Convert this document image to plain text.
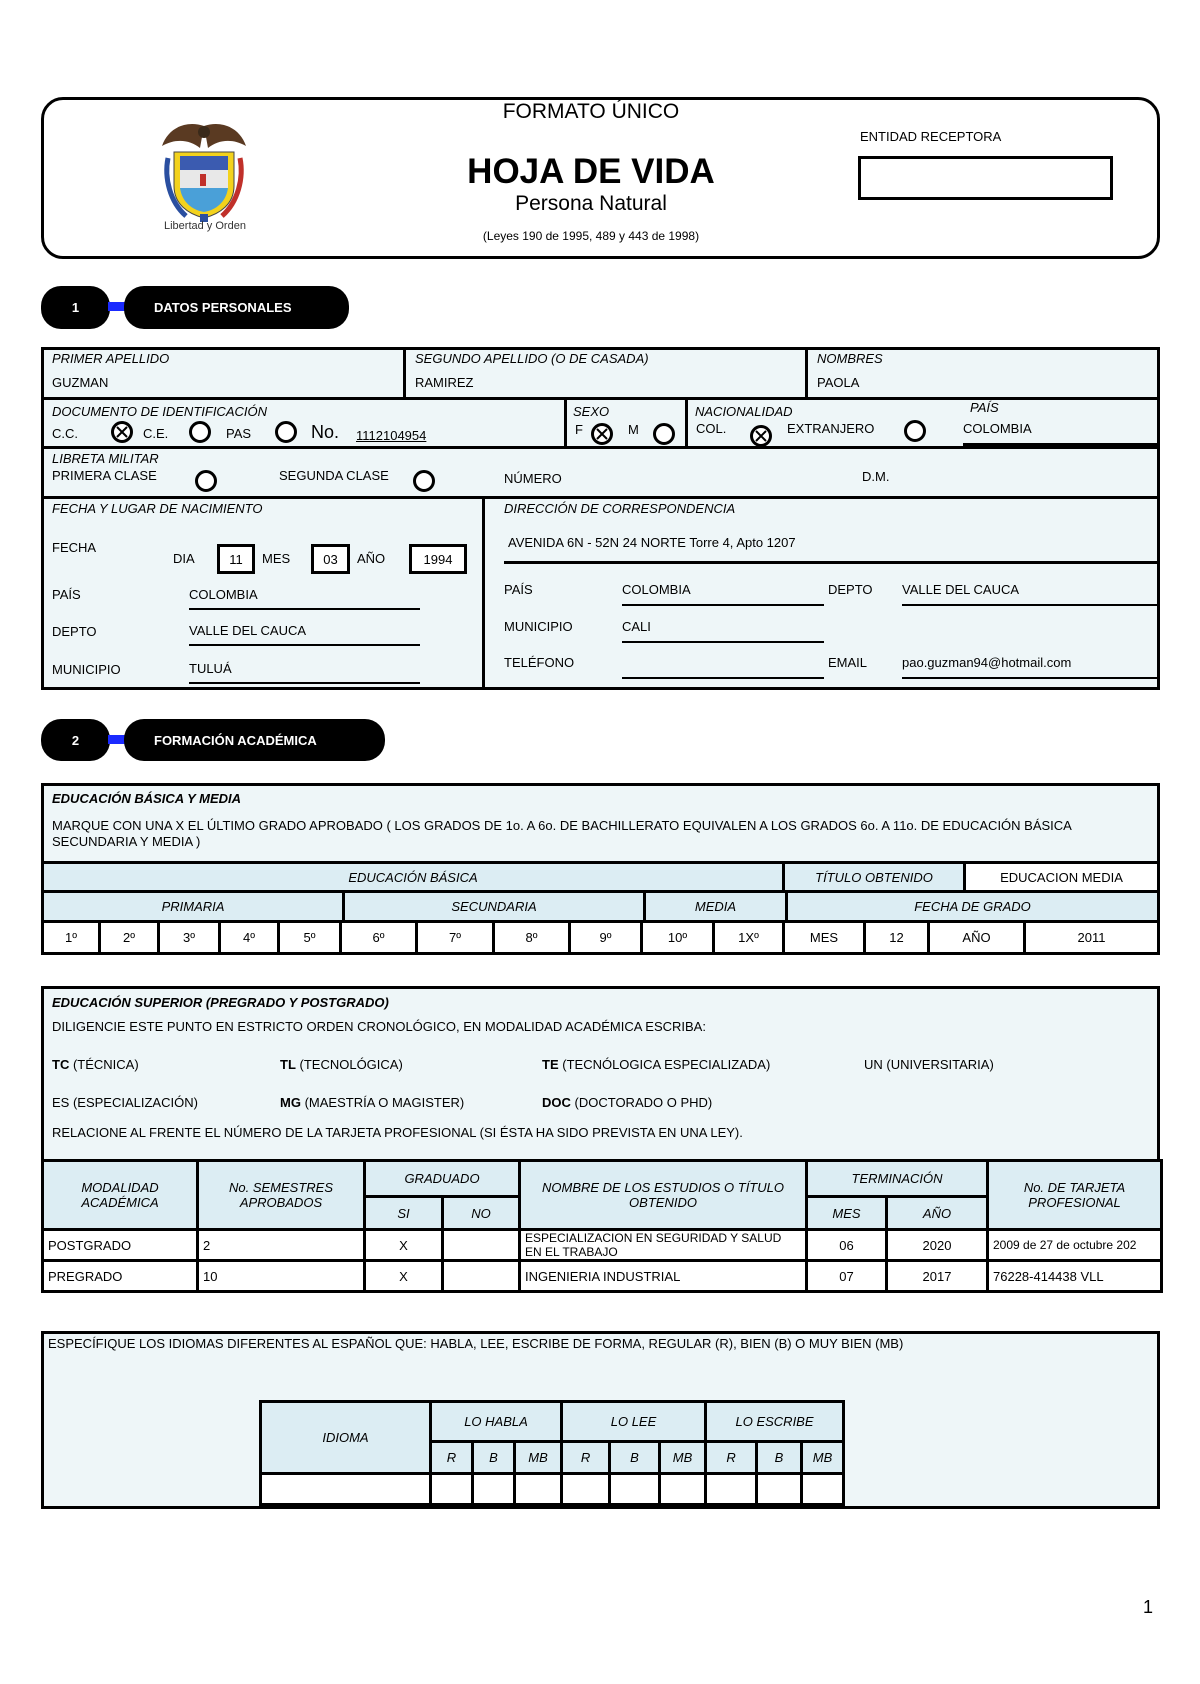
Libertad y Orden
FORMATO ÚNICO
HOJA DE VIDA
Persona Natural
(Leyes 190 de 1995, 489 y 443 de 1998)
ENTIDAD RECEPTORA
1	DATOS PERSONALES
PRIMER APELLIDO
GUZMAN
SEGUNDO APELLIDO (O DE CASADA)
RAMIREZ
NOMBRES
PAOLA
DOCUMENTO DE IDENTIFICACIÓN
C.C.	C.E.	PAS	No. 1112104954
SEXO
F	M
NACIONALIDAD
COL.	EXTRANJERO
PAÍS
COLOMBIA
LIBRETA MILITAR
PRIMERA CLASE	SEGUNDA CLASE	NÚMERO	D.M.
FECHA Y LUGAR DE NACIMIENTO
FECHA
DIA	11	MES	03	AÑO	1994
PAÍS	COLOMBIA
DEPTO	VALLE DEL CAUCA
MUNICIPIO	TULUÁ
DIRECCIÓN DE CORRESPONDENCIA
AVENIDA 6N - 52N 24 NORTE Torre 4, Apto 1207
PAÍS	COLOMBIA	DEPTO VALLE DEL CAUCA
MUNICIPIO	CALI
TELÉFONO	EMAIL	pao.guzman94@hotmail.com
2	FORMACIÓN ACADÉMICA
EDUCACIÓN BÁSICA Y MEDIA
MARQUE CON UNA X EL ÚLTIMO GRADO APROBADO ( LOS GRADOS DE 1o. A 6o. DE BACHILLERATO EQUIVALEN A LOS GRADOS 6o. A 11o. DE EDUCACIÓN BÁSICA SECUNDARIA Y MEDIA )
EDUCACIÓN BÁSICA	TÍTULO OBTENIDO	EDUCACION MEDIA
PRIMARIA	SECUNDARIA	MEDIA	FECHA DE GRADO
1º	2º	3º	4º	5º	6º	7º	8º	9º	10º	1Xº	MES	12	AÑO	2011
EDUCACIÓN SUPERIOR (PREGRADO Y POSTGRADO)
DILIGENCIE ESTE PUNTO EN ESTRICTO ORDEN CRONOLÓGICO, EN MODALIDAD ACADÉMICA ESCRIBA:
TC (TÉCNICA)	TL (TECNOLÓGICA)	TE (TECNÓLOGICA ESPECIALIZADA)	UN (UNIVERSITARIA)
ES (ESPECIALIZACIÓN)	MG (MAESTRÍA O MAGISTER)	DOC (DOCTORADO O PHD)
RELACIONE AL FRENTE EL NÚMERO DE LA TARJETA PROFESIONAL (SI ÉSTA HA SIDO PREVISTA EN UNA LEY).
MODALIDAD ACADÉMICA	No. SEMESTRES APROBADOS	GRADUADO		NOMBRE DE LOS ESTUDIOS O TÍTULO OBTENIDO	TERMINACIÓN		No. DE TARJETA PROFESIONAL
		SI	NO		MES	AÑO	
POSTGRADO	2	X		ESPECIALIZACION EN SEGURIDAD Y SALUD EN EL TRABAJO	06	2020	2009 de 27 de octubre 202
PREGRADO	10	X		INGENIERIA INDUSTRIAL	07	2017	76228-414438 VLL
ESPECÍFIQUE LOS IDIOMAS DIFERENTES AL ESPAÑOL QUE: HABLA, LEE, ESCRIBE DE FORMA, REGULAR (R), BIEN (B) O MUY BIEN (MB)
IDIOMA	LO HABLA			LO LEE			LO ESCRIBE		
	R	B	MB	R	B	MB	R	B	MB

1
